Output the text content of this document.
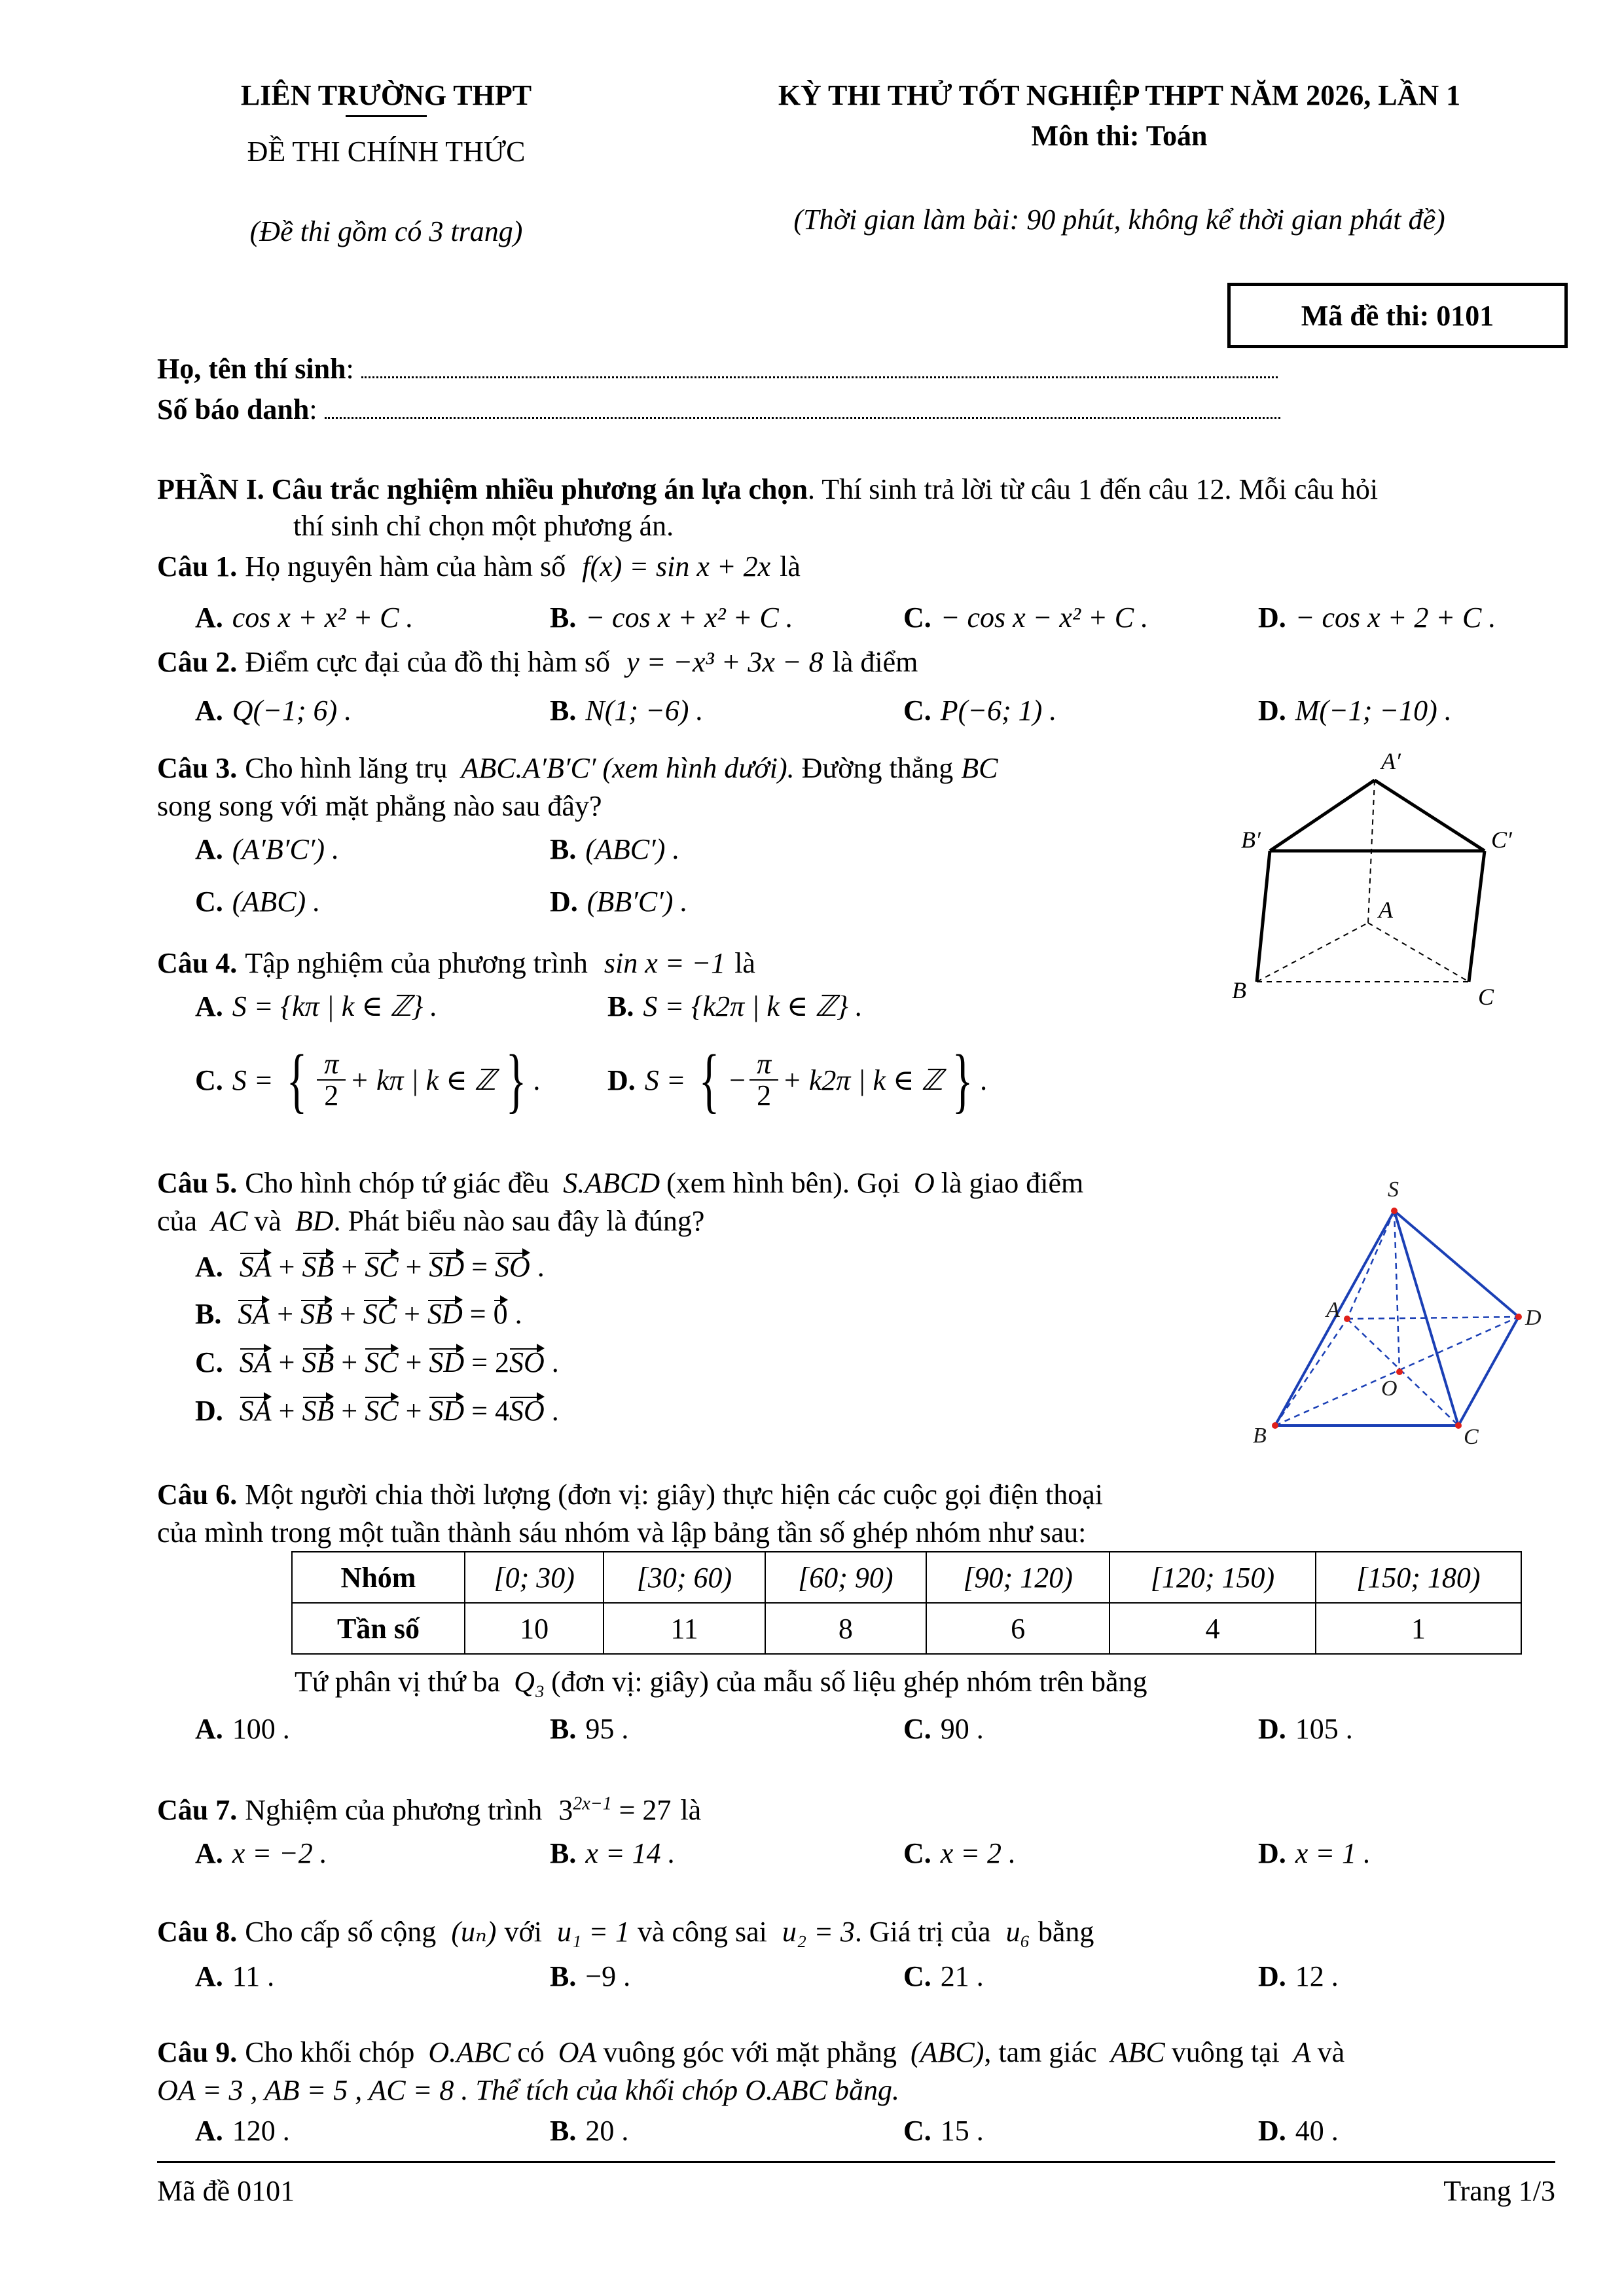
LIÊN TRƯỜNG THPT
ĐỀ THI CHÍNH THỨC
(Đề thi gồm có 3 trang)
KỲ THI THỬ TỐT NGHIỆP THPT NĂM 2026, LẦN 1
Môn thi: Toán
(Thời gian làm bài: 90 phút, không kể thời gian phát đề)
Mã đề thi: 0101
Họ, tên thí sinh:
Số báo danh:
PHẦN I. Câu trắc nghiệm nhiều phương án lựa chọn. Thí sinh trả lời từ câu 1 đến câu 12. Mỗi câu hỏi
thí sinh chỉ chọn một phương án.
Câu 1. Họ nguyên hàm của hàm số f(x) = sin x + 2x là
A. cos x + x² + C .	B. − cos x + x² + C .	C. − cos x − x² + C .	D. − cos x + 2 + C .
Câu 2. Điểm cực đại của đồ thị hàm số y = −x³ + 3x − 8 là điểm
A. Q(−1; 6) .	B. N(1; −6) .	C. P(−6; 1) .	D. M(−1; −10) .
Câu 3. Cho hình lăng trụ ABC.A′B′C′ (xem hình dưới). Đường thẳng BC
song song với mặt phẳng nào sau đây?
A. (A′B′C′) .	B. (ABC′) .
C. (ABC) .	D. (BB′C′) .
A′
B′	C′
A
B	C
Câu 4. Tập nghiệm của phương trình sin x = −1 là
A. S = {kπ | k ∈ ℤ} .	B. S = {k2π | k ∈ ℤ} .
C. S = { π
2 + kπ | k ∈ ℤ } . D. S = { −
π
2 + k2π | k ∈ ℤ } .
Câu 5. Cho hình chóp tứ giác đều S.ABCD (xem hình bên). Gọi O là giao điểm
của AC và BD. Phát biểu nào sau đây là đúng?
A. SA + SB + SC + SD = SO .
B. SA + SB + SC + SD = 0 .
C. SA + SB + SC + SD = 2SO .
D. SA + SB + SC + SD = 4SO .
S
A
B	C
D
O
Câu 6. Một người chia thời lượng (đơn vị: giây) thực hiện các cuộc gọi điện thoại
của mình trong một tuần thành sáu nhóm và lập bảng tần số ghép nhóm như sau:
Nhóm	[0; 30)	[30; 60)	[60; 90)	[90; 120)	[120; 150)	[150; 180)
Tần số	10	11	8	6	4	1
Tứ phân vị thứ ba Q₃ (đơn vị: giây) của mẫu số liệu ghép nhóm trên bằng
A. 100 .	B. 95 .	C. 90 .	D. 105 .
Câu 7. Nghiệm của phương trình $3^{2x-1} = 27$ là
A. x = −2 .	B. x = 14 .	C. x = 2 .	D. x = 1 .
Câu 8. Cho cấp số cộng (uₙ) với u₁ = 1 và công sai u₂ = 3. Giá trị của u₆ bằng
A. 11 .	B. −9 .	C. 21 .	D. 12 .
Câu 9. Cho khối chóp O.ABC có OA vuông góc với mặt phẳng (ABC), tam giác ABC vuông tại A và
OA = 3 , AB = 5 , AC = 8 . Thể tích của khối chóp O.ABC bằng.
A. 120 .	B. 20 .	C. 15 .	D. 40 .
Mã đề 0101	Trang 1/3
